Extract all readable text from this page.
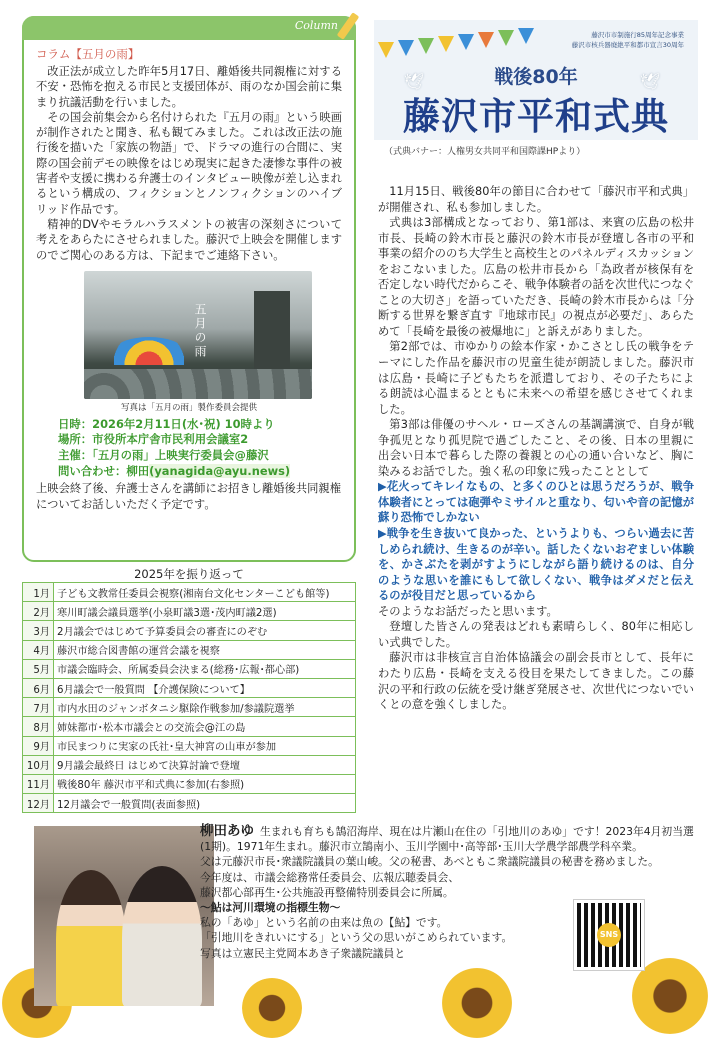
Column
コラム【五月の雨】

改正法が成立した昨年5月17日、離婚後共同親権に対する不安・恐怖を抱える市民と支援団体が、雨のなか国会前に集まり抗議活動を行いました。

その国会前集会から名付けられた『五月の雨』という映画が制作されたと聞き、私も観てみました。これは改正法の施行後を描いた「家族の物語」で、ドラマの進行の合間に、実際の国会前デモの映像をはじめ現実に起きた凄惨な事件の被害者や支援に携わる弁護士のインタビュー映像が差し込まれるという構成の、フィクションとノンフィクションのハイブリッド作品です。

精神的DVやモラルハラスメントの被害の深刻さについて考えをあらたにさせられました。藤沢で上映会を開催しますのでご関心のある方は、下記までご連絡下さい。

五月の雨
写真は「五月の雨」製作委員会提供
日時：2026年2月11日(水･祝) 10時より
場所：市役所本庁舎市民利用会議室2
主催：「五月の雨」上映実行委員会@藤沢
問い合わせ：柳田(yanagida@ayu.news)
上映会終了後、弁護士さんを講師にお招きし離婚後共同親権についてお話しいただく予定です。
2025年を振り返って
1月	子ども文教常任委員会視察(湘南台文化センターこども館等)
2月	寒川町議会議員選挙(小泉町議3選･茂内町議2選)
3月	2月議会ではじめて予算委員会の審査にのぞむ
4月	藤沢市総合図書館の運営会議を視察
5月	市議会臨時会、所属委員会決まる(総務･広報･都心部)
6月	6月議会で一般質問 【介護保険について】
7月	市内水田のジャンボタニシ駆除作戦参加/参議院選挙
8月	姉妹都市･松本市議会との交流会@江の島
9月	市民まつりに実家の氏社･皇大神宮の山車が参加
10月	9月議会最終日 はじめて決算討論で登壇
11月	戦後80年 藤沢市平和式典に参加(右参照)
12月	12月議会で一般質問(表面参照)
藤沢市市制施行85周年記念事業
藤沢市核兵器廃絶平和都市宣言30周年
🕊	🕊
戦後80年
藤沢市平和式典
（式典バナー：人権男女共同平和国際課HPより）

11月15日、戦後80年の節目に合わせて「藤沢市平和式典」が開催され、私も参加しました。

式典は3部構成となっており、第1部は、来賓の広島の松井市長、長崎の鈴木市長と藤沢の鈴木市長が登壇し各市の平和事業の紹介ののち大学生と高校生とのパネルディスカッションをおこないました。広島の松井市長から「為政者が核保有を否定しない時代だからこそ、戦争体験者の話を次世代につなぐことの大切さ」を語っていただき、長崎の鈴木市長からは「分断する世界を繋ぎ直す『地球市民』の視点が必要だ」、あらためて「長崎を最後の被爆地に」と訴えがありました。

第2部では、市ゆかりの絵本作家・かこさとし氏の戦争をテーマにした作品を藤沢市の児童生徒が朗読しました。藤沢市は広島・長崎に子どもたちを派遣しており、その子たちによる朗読は心温まるとともに未来への希望を感じさせてくれました。

第3部は俳優のサヘル・ローズさんの基調講演で、自身が戦争孤児となり孤児院で過ごしたこと、その後、日本の里親に出会い日本で暮らした際の養親との心の通い合いなど、胸に染みるお話でした。強く私の印象に残ったこととして

▶花火ってキレイなもの、と多くのひとは思うだろうが、戦争体験者にとっては砲弾やミサイルと重なり、匂いや音の記憶が蘇り恐怖でしかない

▶戦争を生き抜いて良かった、というよりも、つらい過去に苦しめられ続け、生きるのが辛い。話したくないおぞましい体験を、かさぶたを剥がすようにしながら語り続けるのは、自分のような思いを誰にもして欲しくない、戦争はダメだと伝えるのが役目だと思っているから

そのようなお話だったと思います。

登壇した皆さんの発表はどれも素晴らしく、80年に相応しい式典でした。

藤沢市は非核宣言自治体協議会の副会長市として、長年にわたり広島・長崎を支える役目を果たしてきました。この藤沢の平和行政の伝統を受け継ぎ発展させ、次世代につないでいくとの意を強くしました。

柳田あゆ 生まれも育ちも鵠沼海岸、現在は片瀬山在住の「引地川のあゆ」です！2023年4月初当選(1期)。1971年生まれ。藤沢市立鵠南小、玉川学園中･高等部･玉川大学農学部農学科卒業。
父は元藤沢市長･衆議院議員の葉山峻。父の秘書、あべともこ衆議院議員の秘書を務めました。
今年度は、市議会総務常任委員会、広報広聴委員会、
藤沢都心部再生･公共施設再整備特別委員会に所属。
～鮎は河川環境の指標生物～
私の「あゆ」という名前の由来は魚の【鮎】です。
「引地川をきれいにする」という父の思いがこめられています。
写真は立憲民主党岡本あき子衆議院議員と
SNS
